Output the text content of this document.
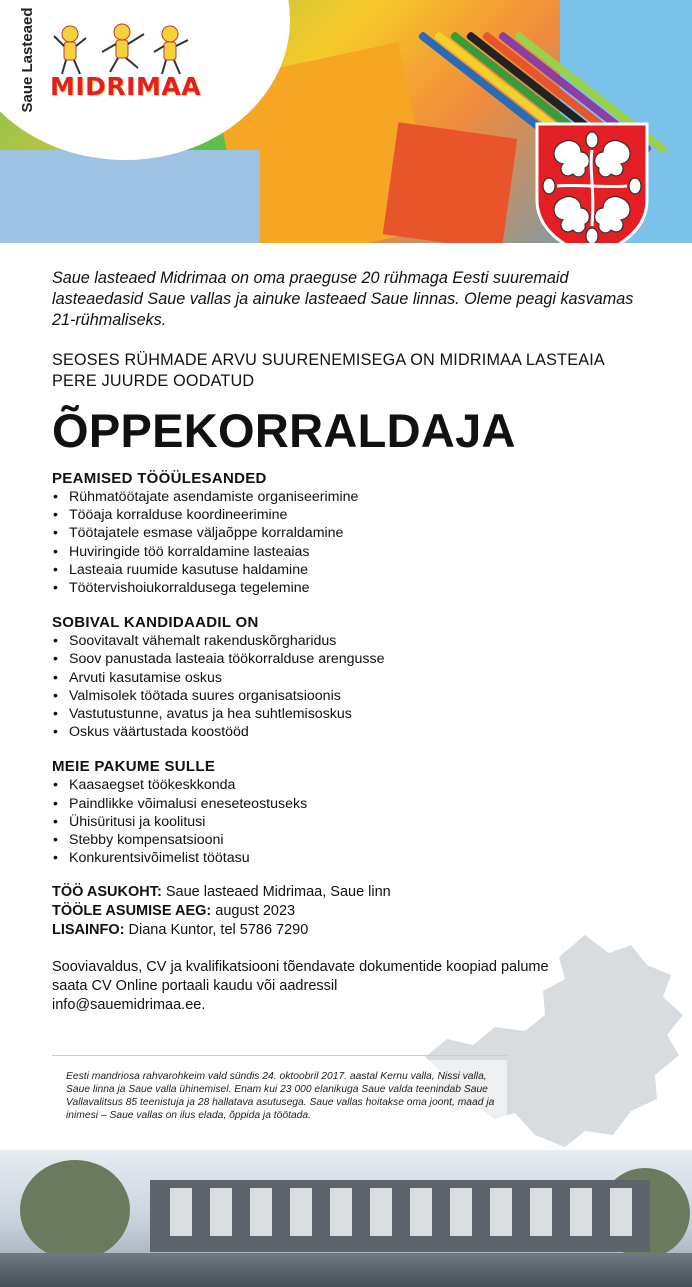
Saue Lasteaed MIDRIMAA

Saue lasteaed Midrimaa on oma praeguse 20 rühmaga Eesti suuremaid lasteaedasid Saue vallas ja ainuke lasteaed Saue linnas. Oleme peagi kasvamas 21-rühmaliseks.

SEOSES RÜHMADE ARVU SUURENEMISEGA ON MIDRIMAA LASTEAIA PERE JUURDE OODATUD

ÕPPEKORRALDAJA
PEAMISED TÖÖÜLESANDED
• Rühmatöötajate asendamiste organiseerimine
• Tööaja korralduse koordineerimine
• Töötajatele esmase väljaõppe korraldamine
• Huviringide töö korraldamine lasteaias
• Lasteaia ruumide kasutuse haldamine
• Töötervishoiukorraldusega tegelemine
SOBIVAL KANDIDAADIL ON
• Soovitavalt vähemalt rakenduskõrgharidus
• Soov panustada lasteaia töökorralduse arengusse
• Arvuti kasutamise oskus
• Valmisolek töötada suures organisatsioonis
• Vastutustunne, avatus ja hea suhtlemisoskus
• Oskus väärtustada koostööd
MEIE PAKUME SULLE
• Kaasaegset töökeskkonda
• Paindlikke võimalusi eneseteostuseks
• Ühisüritusi ja koolitusi
• Stebby kompensatsiooni
• Konkurentsivõimelist töötasu
TÖÖ ASUKOHT: Saue lasteaed Midrimaa, Saue linn
TÖÖLE ASUMISE AEG: august 2023
LISAINFO: Diana Kuntor, tel 5786 7290

Sooviavaldus, CV ja kvalifikatsiooni tõendavate dokumentide koopiad palume saata CV Online portaali kaudu või aadressil
info@sauemidrimaa.ee.

Eesti mandriosa rahvarohkeim vald sündis 24. oktoobril 2017. aastal Kernu valla, Nissi valla, Saue linna ja Saue valla ühinemisel. Enam kui 23 000 elanikuga Saue valda teenindab Saue Vallavalitsus 85 teenistuja ja 28 hallatava asutusega. Saue vallas hoitakse oma joont, maad ja inimesi – Saue vallas on ilus elada, õppida ja töötada.
